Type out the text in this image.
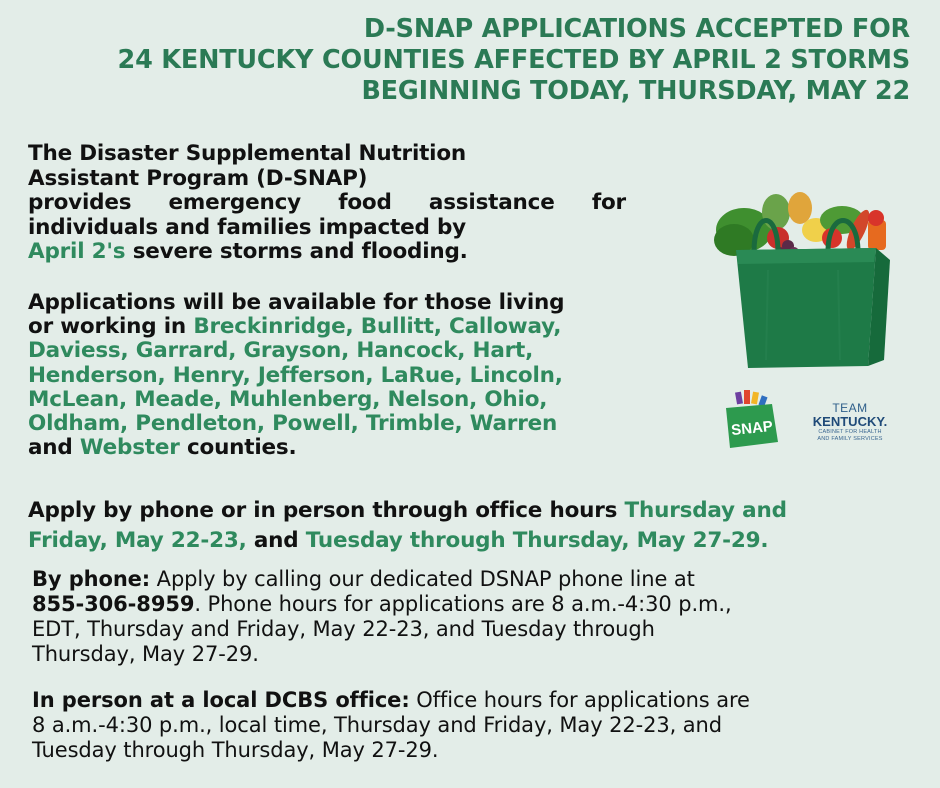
D-SNAP APPLICATIONS ACCEPTED FOR
24 KENTUCKY COUNTIES AFFECTED BY APRIL 2 STORMS
BEGINNING TODAY, THURSDAY, MAY 22
The Disaster Supplemental Nutrition
Assistant Program (D-SNAP)
provides emergency food assistance for
individuals and families impacted by
April 2's severe storms and flooding.
Applications will be available for those living
or working in Breckinridge, Bullitt, Calloway,
Daviess, Garrard, Grayson, Hancock, Hart,
Henderson, Henry, Jefferson, LaRue, Lincoln,
McLean, Meade, Muhlenberg, Nelson, Ohio,
Oldham, Pendleton, Powell, Trimble, Warren
and Webster counties.
Apply by phone or in person through office hours Thursday and
Friday, May 22-23, and Tuesday through Thursday, May 27-29.
By phone: Apply by calling our dedicated DSNAP phone line at
855-306-8959. Phone hours for applications are 8 a.m.-4:30 p.m.,
EDT, Thursday and Friday, May 22-23, and Tuesday through
Thursday, May 27-29.
In person at a local DCBS office: Office hours for applications are
8 a.m.-4:30 p.m., local time, Thursday and Friday, May 22-23, and
Tuesday through Thursday, May 27-29.
SNAP
TEAM
KENTUCKY.
CABINET FOR HEALTH
AND FAMILY SERVICES
